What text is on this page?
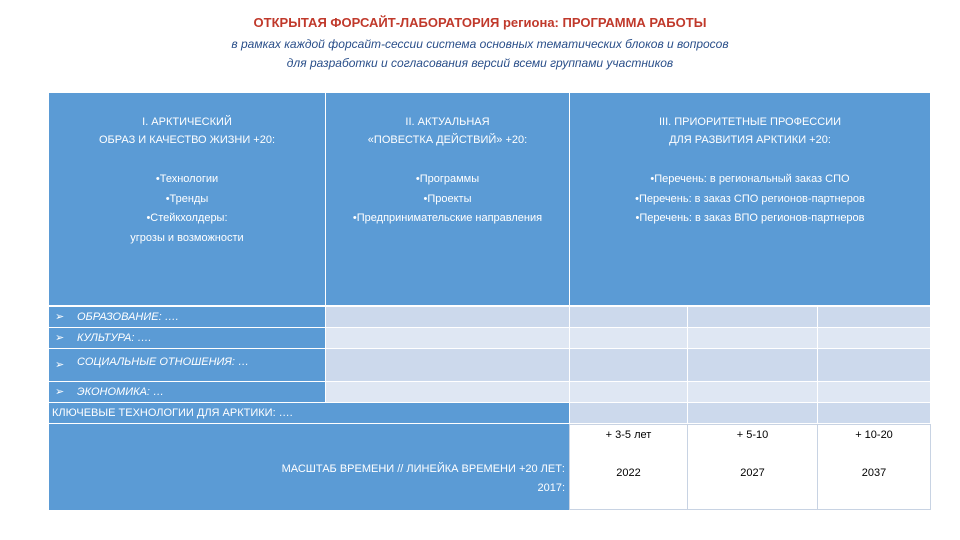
ОТКРЫТАЯ ФОРСАЙТ-ЛАБОРАТОРИЯ региона: ПРОГРАММА РАБОТЫ
в рамках каждой форсайт-сессии система основных тематических блоков и вопросов
для разработки и согласования версий всеми группами участников
I. АРКТИЧЕСКИЙ
ОБРАЗ И КАЧЕСТВО ЖИЗНИ +20:
•Технологии
•Тренды
•Стейкхолдеры:
угрозы и возможности
II. АКТУАЛЬНАЯ
«ПОВЕСТКА ДЕЙСТВИЙ» +20:
•Программы
•Проекты
•Предпринимательские направления
III. ПРИОРИТЕТНЫЕ ПРОФЕССИИ
ДЛЯ РАЗВИТИЯ АРКТИКИ +20:
•Перечень: в региональный заказ СПО
•Перечень: в заказ СПО регионов-партнеров
•Перечень: в заказ ВПО регионов-партнеров
➢ ОБРАЗОВАНИЕ: ….
➢ КУЛЬТУРА: ….
➢ СОЦИАЛЬНЫЕ ОТНОШЕНИЯ: …
➢ ЭКОНОМИКА: …
КЛЮЧЕВЫЕ ТЕХНОЛОГИИ ДЛЯ АРКТИКИ: ….
МАСШТАБ ВРЕМЕНИ // ЛИНЕЙКА ВРЕМЕНИ +20 ЛЕТ:
2017:
+ 3-5 лет
2022
+ 5-10
2027
+ 10-20
2037
